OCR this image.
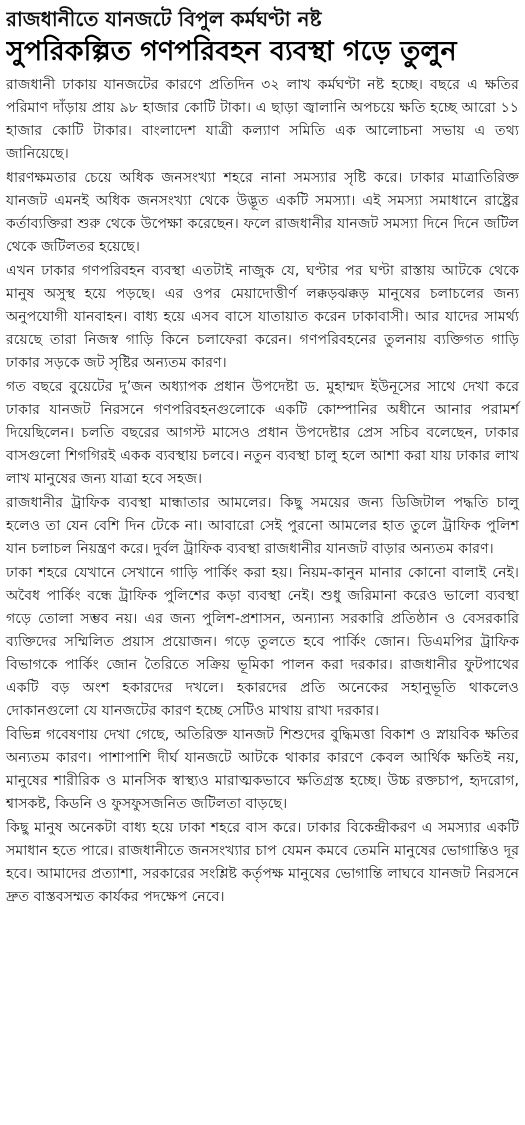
রাজধানীতে যানজটে বিপুল কর্মঘণ্টা নষ্ট
সুপরিকল্পিত গণপরিবহন ব্যবস্থা গড়ে তুলুন

রাজধানী ঢাকায় যানজটের কারণে প্রতিদিন ৩২ লাখ কর্মঘণ্টা নষ্ট হচ্ছে। বছরে এ ক্ষতির পরিমাণ দাঁড়ায় প্রায় ৯৮ হাজার কোটি টাকা। এ ছাড়া জ্বালানি অপচয়ে ক্ষতি হচ্ছে আরো ১১ হাজার কোটি টাকার। বাংলাদেশ যাত্রী কল্যাণ সমিতি এক আলোচনা সভায় এ তথ্য জানিয়েছে।

ধারণক্ষমতার চেয়ে অধিক জনসংখ্যা শহরে নানা সমস্যার সৃষ্টি করে। ঢাকার মাত্রাতিরিক্ত যানজট এমনই অধিক জনসংখ্যা থেকে উদ্ভূত একটি সমস্যা। এই সমস্যা সমাধানে রাষ্ট্রের কর্তাব্যক্তিরা শুরু থেকে উপেক্ষা করেছেন। ফলে রাজধানীর যানজট সমস্যা দিনে দিনে জটিল থেকে জটিলতর হয়েছে।

এখন ঢাকার গণপরিবহন ব্যবস্থা এতটাই নাজুক যে, ঘণ্টার পর ঘণ্টা রাস্তায় আটকে থেকে মানুষ অসুস্থ হয়ে পড়ছে। এর ওপর মেয়াদোত্তীর্ণ লক্কড়ঝক্কড় মানুষের চলাচলের জন্য অনুপযোগী যানবাহন। বাধ্য হয়ে এসব বাসে যাতায়াত করেন ঢাকাবাসী। আর যাদের সামর্থ্য রয়েছে তারা নিজস্ব গাড়ি কিনে চলাফেরা করেন। গণপরিবহনের তুলনায় ব্যক্তিগত গাড়ি ঢাকার সড়কে জট সৃষ্টির অন্যতম কারণ।

গত বছরে বুয়েটের দু’জন অধ্যাপক প্রধান উপদেষ্টা ড. মুহাম্মদ ইউনূসের সাথে দেখা করে ঢাকার যানজট নিরসনে গণপরিবহনগুলোকে একটি কোম্পানির অধীনে আনার পরামর্শ দিয়েছিলেন। চলতি বছরের আগস্ট মাসেও প্রধান উপদেষ্টার প্রেস সচিব বলেছেন, ঢাকার বাসগুলো শিগগিরই একক ব্যবস্থায় চলবে। নতুন ব্যবস্থা চালু হলে আশা করা যায় ঢাকার লাখ লাখ মানুষের জন্য যাত্রা হবে সহজ।

রাজধানীর ট্রাফিক ব্যবস্থা মান্ধাতার আমলের। কিছু সময়ের জন্য ডিজিটাল পদ্ধতি চালু হলেও তা যেন বেশি দিন টেকে না। আবারো সেই পুরনো আমলের হাত তুলে ট্রাফিক পুলিশ যান চলাচল নিয়ন্ত্রণ করে। দুর্বল ট্রাফিক ব্যবস্থা রাজধানীর যানজট বাড়ার অন্যতম কারণ।

ঢাকা শহরে যেখানে সেখানে গাড়ি পার্কিং করা হয়। নিয়ম-কানুন মানার কোনো বালাই নেই। অবৈধ পার্কিং বন্ধে ট্রাফিক পুলিশের কড়া ব্যবস্থা নেই। শুধু জরিমানা করেও ভালো ব্যবস্থা গড়ে তোলা সম্ভব নয়। এর জন্য পুলিশ-প্রশাসন, অন্যান্য সরকারি প্রতিষ্ঠান ও বেসরকারি ব্যক্তিদের সম্মিলিত প্রয়াস প্রয়োজন। গড়ে তুলতে হবে পার্কিং জোন। ডিএমপির ট্রাফিক বিভাগকে পার্কিং জোন তৈরিতে সক্রিয় ভূমিকা পালন করা দরকার। রাজধানীর ফুটপাথের একটি বড় অংশ হকারদের দখলে। হকারদের প্রতি অনেকের সহানুভূতি থাকলেও দোকানগুলো যে যানজটের কারণ হচ্ছে সেটিও মাথায় রাখা দরকার।

বিভিন্ন গবেষণায় দেখা গেছে, অতিরিক্ত যানজট শিশুদের বুদ্ধিমত্তা বিকাশ ও স্নায়বিক ক্ষতির অন্যতম কারণ। পাশাপাশি দীর্ঘ যানজটে আটকে থাকার কারণে কেবল আর্থিক ক্ষতিই নয়, মানুষের শারীরিক ও মানসিক স্বাস্থ্যও মারাত্মকভাবে ক্ষতিগ্রস্ত হচ্ছে। উচ্চ রক্তচাপ, হৃদরোগ, শ্বাসকষ্ট, কিডনি ও ফুসফুসজনিত জটিলতা বাড়ছে।

কিছু মানুষ অনেকটা বাধ্য হয়ে ঢাকা শহরে বাস করে। ঢাকার বিকেন্দ্রীকরণ এ সমস্যার একটি সমাধান হতে পারে। রাজধানীতে জনসংখ্যার চাপ যেমন কমবে তেমনি মানুষের ভোগান্তিও দূর হবে। আমাদের প্রত্যাশা, সরকারের সংশ্লিষ্ট কর্তৃপক্ষ মানুষের ভোগান্তি লাঘবে যানজট নিরসনে দ্রুত বাস্তবসম্মত কার্যকর পদক্ষেপ নেবে।
